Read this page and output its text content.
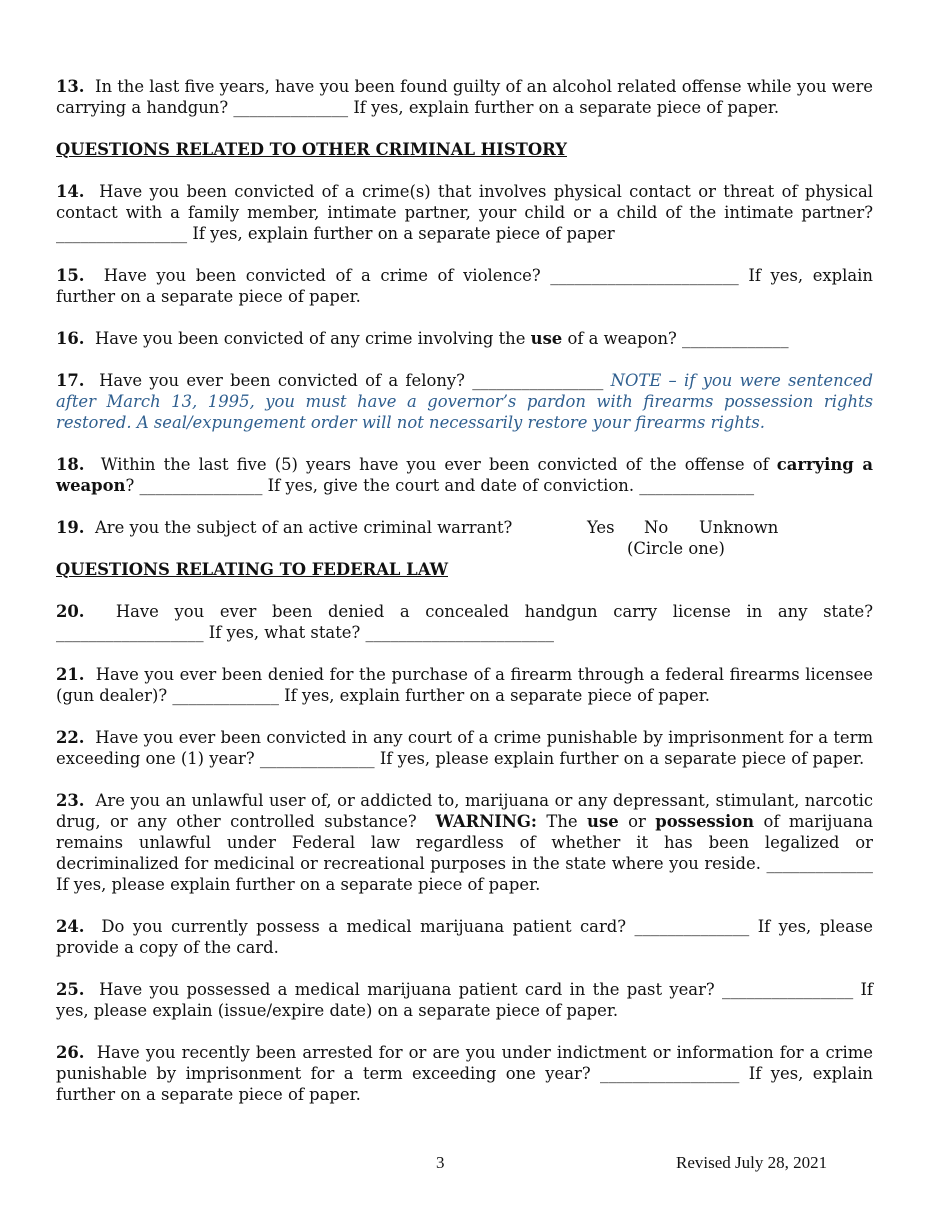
13. In the last five years, have you been found guilty of an alcohol related offense while you were carrying a handgun? ______________ If yes, explain further on a separate piece of paper.

QUESTIONS RELATED TO OTHER CRIMINAL HISTORY

14. Have you been convicted of a crime(s) that involves physical contact or threat of physical contact with a family member, intimate partner, your child or a child of the intimate partner? ________________ If yes, explain further on a separate piece of paper

15. Have you been convicted of a crime of violence? _______________________ If yes, explain further on a separate piece of paper.

16. Have you been convicted of any crime involving the use of a weapon? _____________

17. Have you ever been convicted of a felony? ________________ NOTE – if you were sentenced after March 13, 1995, you must have a governor’s pardon with firearms possession rights restored. A seal/expungement order will not necessarily restore your firearms rights.

18. Within the last five (5) years have you ever been convicted of the offense of carrying a weapon? _______________ If yes, give the court and date of conviction. ______________

19. Are you the subject of an active criminal warrant?	Yes No Unknown
(Circle one)

QUESTIONS RELATING TO FEDERAL LAW

20. Have you ever been denied a concealed handgun carry license in any state? __________________ If yes, what state? _______________________

21. Have you ever been denied for the purchase of a firearm through a federal firearms licensee (gun dealer)? _____________ If yes, explain further on a separate piece of paper.

22. Have you ever been convicted in any court of a crime punishable by imprisonment for a term exceeding one (1) year? ______________ If yes, please explain further on a separate piece of paper.

23. Are you an unlawful user of, or addicted to, marijuana or any depressant, stimulant, narcotic drug, or any other controlled substance? WARNING: The use or possession of marijuana remains unlawful under Federal law regardless of whether it has been legalized or decriminalized for medicinal or recreational purposes in the state where you reside. _____________ If yes, please explain further on a separate piece of paper.

24. Do you currently possess a medical marijuana patient card? ______________ If yes, please provide a copy of the card.

25. Have you possessed a medical marijuana patient card in the past year? ________________ If yes, please explain (issue/expire date) on a separate piece of paper.

26. Have you recently been arrested for or are you under indictment or information for a crime punishable by imprisonment for a term exceeding one year? _________________ If yes, explain further on a separate piece of paper.

3	Revised July 28, 2021
